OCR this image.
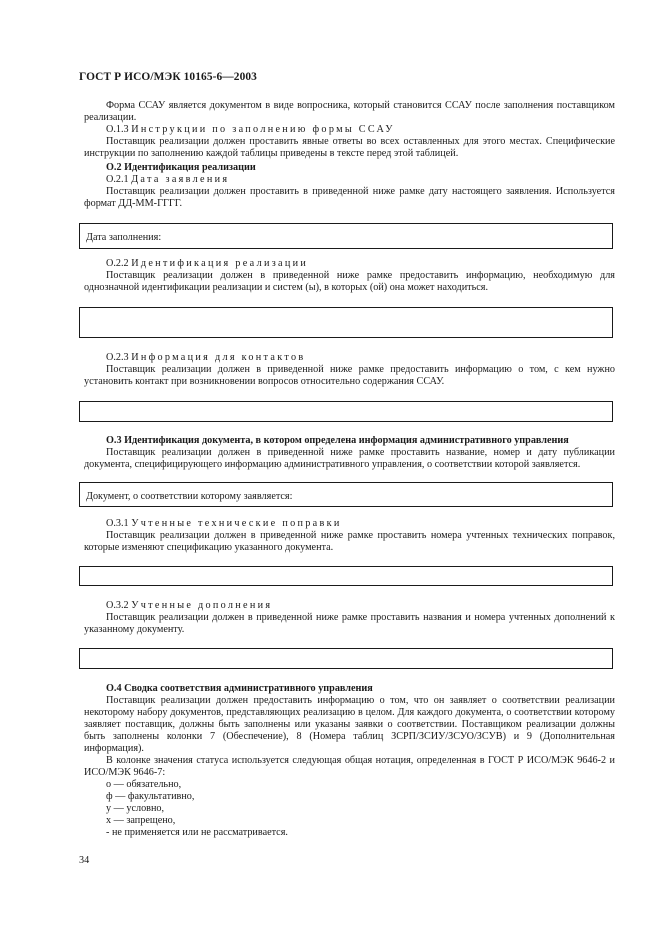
ГОСТ Р ИСО/МЭК 10165-6—2003

Форма ССАУ является документом в виде вопросника, который становится ССАУ после заполнения поставщиком реализации.

О.1.3 Инструкции по заполнению формы ССАУ

Поставщик реализации должен проставить явные ответы во всех оставленных для этого местах. Специфические инструкции по заполнению каждой таблицы приведены в тексте перед этой таблицей.

О.2 Идентификация реализации

О.2.1 Дата заявления

Поставщик реализации должен проставить в приведенной ниже рамке дату настоящего заявления. Используется формат ДД-ММ-ГГГГ.

Дата заполнения:

О.2.2 Идентификация реализации

Поставщик реализации должен в приведенной ниже рамке предоставить информацию, необходимую для однозначной идентификации реализации и систем (ы), в которых (ой) она может находиться.

О.2.3 Информация для контактов

Поставщик реализации должен в приведенной ниже рамке предоставить информацию о том, с кем нужно установить контакт при возникновении вопросов относительно содержания ССАУ.

О.3 Идентификация документа, в котором определена информация административного управления

Поставщик реализации должен в приведенной ниже рамке проставить название, номер и дату публикации документа, специфицирующего информацию административного управления, о соответствии которой заявляется.

Документ, о соответствии которому заявляется:

О.3.1 Учтенные технические поправки

Поставщик реализации должен в приведенной ниже рамке проставить номера учтенных технических поправок, которые изменяют спецификацию указанного документа.

О.3.2 Учтенные дополнения

Поставщик реализации должен в приведенной ниже рамке проставить названия и номера учтенных дополнений к указанному документу.

О.4 Сводка соответствия административного управления

Поставщик реализации должен предоставить информацию о том, что он заявляет о соответствии реализации некоторому набору документов, представляющих реализацию в целом. Для каждого документа, о соответствии которому заявляет поставщик, должны быть заполнены или указаны заявки о соответствии. Поставщиком реализации должны быть заполнены колонки 7 (Обеспечение), 8 (Номера таблиц ЗСРП/ЗСИУ/ЗСУО/ЗСУВ) и 9 (Дополнительная информация).

В колонке значения статуса используется следующая общая нотация, определенная в ГОСТ Р ИСО/МЭК 9646-2 и ИСО/МЭК 9646-7:

о — обязательно,

ф — факультативно,

у — условно,

х — запрещено,

- не применяется или не рассматривается.

34
